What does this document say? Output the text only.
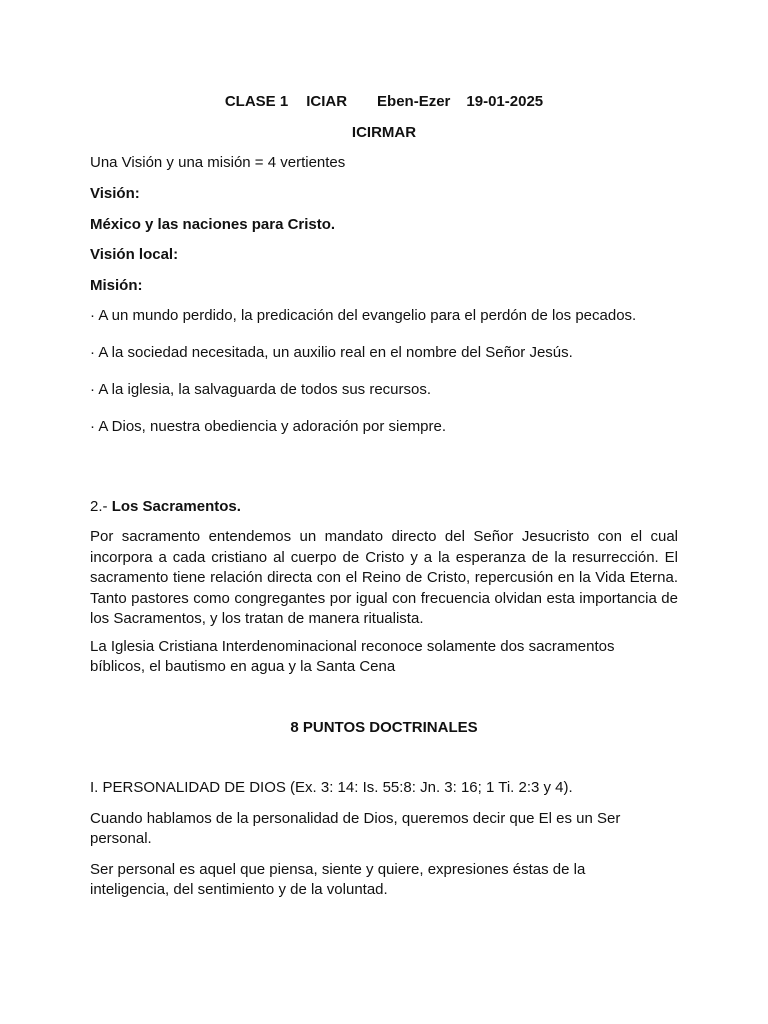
CLASE 1 ICIAR Eben-Ezer 19-01-2025

ICIRMAR

Una Visión y una misión = 4 vertientes

Visión:

México y las naciones para Cristo.

Visión local:

Misión:

· A un mundo perdido, la predicación del evangelio para el perdón de los pecados.

· A la sociedad necesitada, un auxilio real en el nombre del Señor Jesús.

· A la iglesia, la salvaguarda de todos sus recursos.

· A Dios, nuestra obediencia y adoración por siempre.

2.- Los Sacramentos.

Por sacramento entendemos un mandato directo del Señor Jesucristo con el cual incorpora a cada cristiano al cuerpo de Cristo y a la esperanza de la resurrección. El sacramento tiene relación directa con el Reino de Cristo, repercusión en la Vida Eterna. Tanto pastores como congregantes por igual con frecuencia olvidan esta importancia de los Sacramentos, y los tratan de manera ritualista.

La Iglesia Cristiana Interdenominacional reconoce solamente dos sacramentos

bíblicos, el bautismo en agua y la Santa Cena

8 PUNTOS DOCTRINALES

I. PERSONALIDAD DE DIOS (Ex. 3: 14: Is. 55:8: Jn. 3: 16; 1 Ti. 2:3 y 4).

Cuando hablamos de la personalidad de Dios, queremos decir que El es un Ser

personal.

Ser personal es aquel que piensa, siente y quiere, expresiones éstas de la

inteligencia, del sentimiento y de la voluntad.
